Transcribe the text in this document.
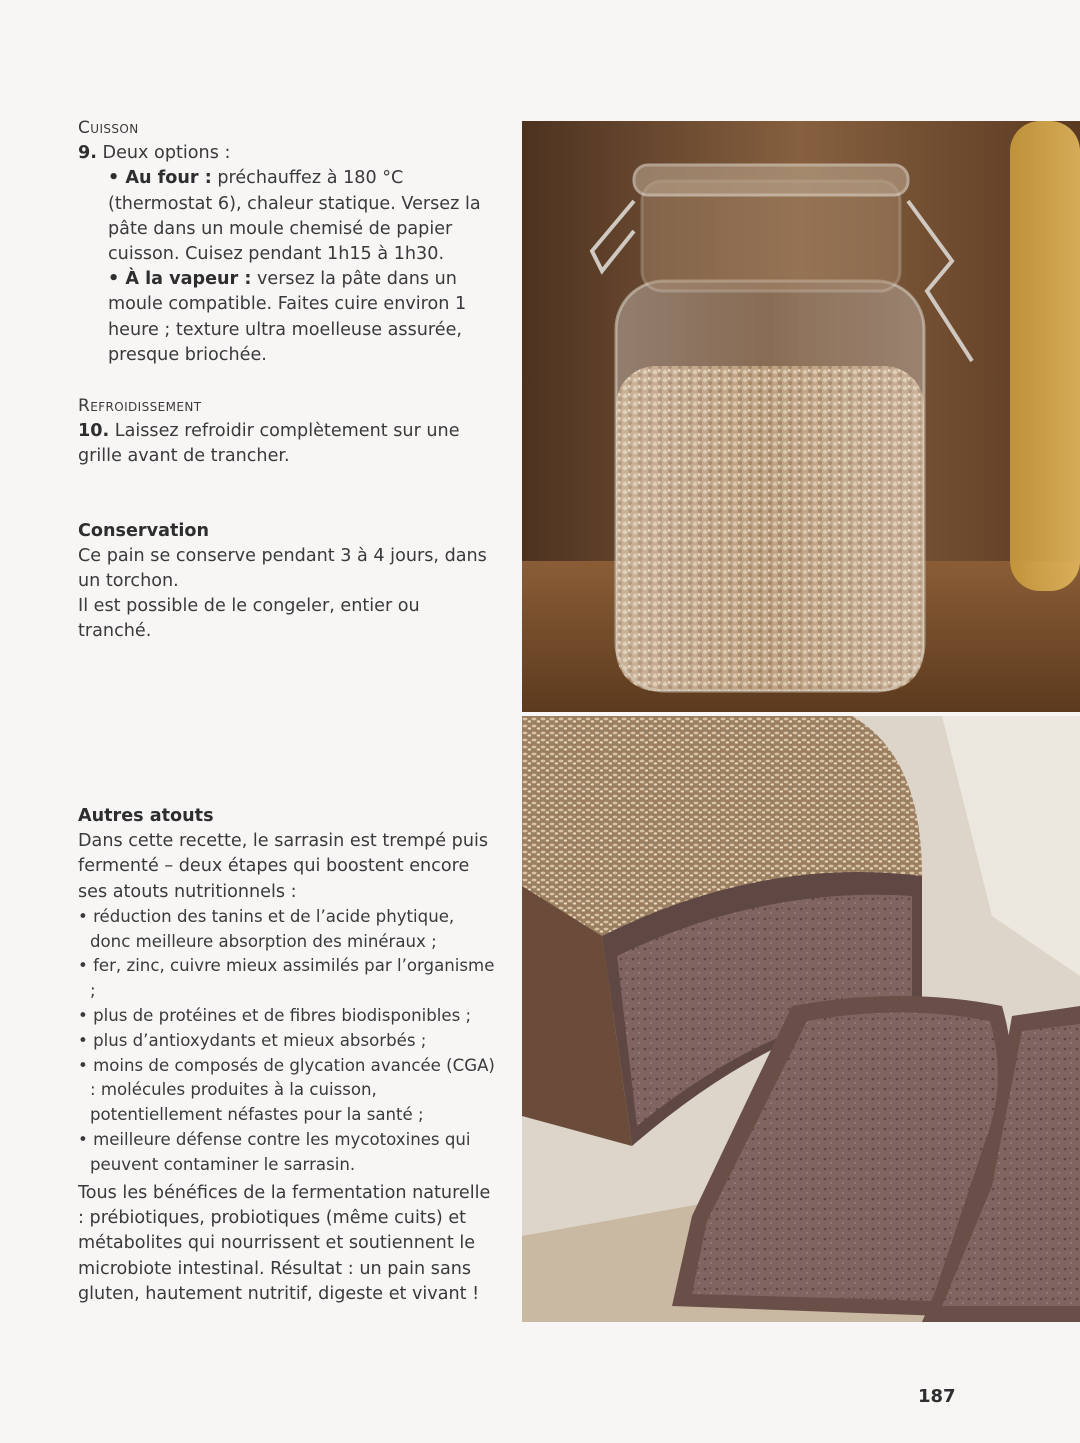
Cuisson

9. Deux options :

• Au four : préchauffez à 180 °C (thermostat 6), chaleur statique. Versez la pâte dans un moule chemisé de papier cuisson. Cuisez pendant 1h15 à 1h30.

• À la vapeur : versez la pâte dans un moule compatible. Faites cuire environ 1 heure ; texture ultra moelleuse assurée, presque briochée.

Refroidissement

10. Laissez refroidir complètement sur une grille avant de trancher.

Conservation

Ce pain se conserve pendant 3 à 4 jours, dans un torchon.

Il est possible de le congeler, entier ou tranché.

Autres atouts

Dans cette recette, le sarrasin est trempé puis fermenté – deux étapes qui boostent encore ses atouts nutritionnels :

• réduction des tanins et de l’acide phytique, donc meilleure absorption des minéraux ;
• fer, zinc, cuivre mieux assimilés par l’organisme ;
• plus de protéines et de fibres biodisponibles ;
• plus d’antioxydants et mieux absorbés ;
• moins de composés de glycation avancée (CGA) : molécules produites à la cuisson, potentiellement néfastes pour la santé ;
• meilleure défense contre les mycotoxines qui peuvent contaminer le sarrasin.

Tous les bénéfices de la fermentation naturelle : prébiotiques, probiotiques (même cuits) et métabolites qui nourrissent et soutiennent le microbiote intestinal. Résultat : un pain sans gluten, hautement nutritif, digeste et vivant !

187
